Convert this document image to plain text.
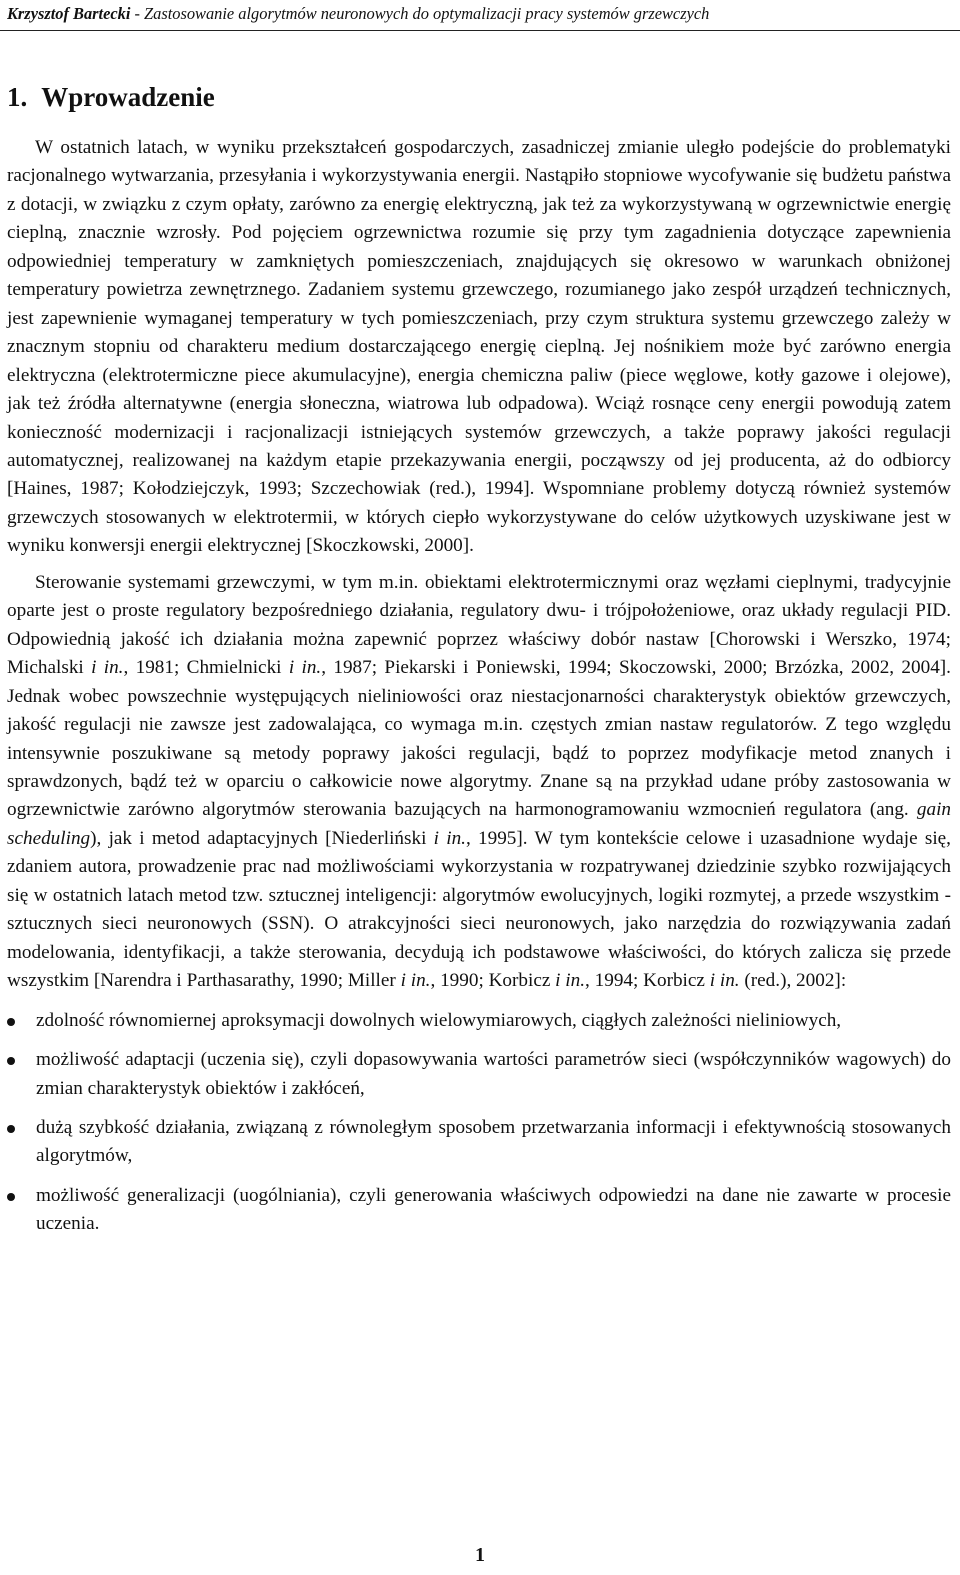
Krzysztof Bartecki - Zastosowanie algorytmów neuronowych do optymalizacji pracy systemów grzewczych
1. Wprowadzenie

W ostatnich latach, w wyniku przekształceń gospodarczych, zasadniczej zmianie uległo podejście do problematyki racjonalnego wytwarzania, przesyłania i wykorzystywania energii. Nastąpiło stopniowe wycofywanie się budżetu państwa z dotacji, w związku z czym opłaty, zarówno za energię elektryczną, jak też za wykorzystywaną w ogrzewnictwie energię cieplną, znacznie wzrosły. Pod pojęciem ogrzewnictwa rozumie się przy tym zagadnienia dotyczące zapewnienia odpowiedniej temperatury w zamkniętych pomieszczeniach, znajdujących się okresowo w warunkach obniżonej temperatury powietrza zewnętrznego. Zadaniem systemu grzewczego, rozumianego jako zespół urządzeń technicznych, jest zapewnienie wymaganej temperatury w tych pomieszczeniach, przy czym struktura systemu grzewczego zależy w znacznym stopniu od charakteru medium dostarczającego energię cieplną. Jej nośnikiem może być zarówno energia elektryczna (elektrotermiczne piece akumulacyjne), energia chemiczna paliw (piece węglowe, kotły gazowe i olejowe), jak też źródła alternatywne (energia słoneczna, wiatrowa lub odpadowa). Wciąż rosnące ceny energii powodują zatem konieczność modernizacji i racjonalizacji istniejących systemów grzewczych, a także poprawy jakości regulacji automatycznej, realizowanej na każdym etapie przekazywania energii, począwszy od jej producenta, aż do odbiorcy [Haines, 1987; Kołodziejczyk, 1993; Szczechowiak (red.), 1994]. Wspomniane problemy dotyczą również systemów grzewczych stosowanych w elektrotermii, w których ciepło wykorzystywane do celów użytkowych uzyskiwane jest w wyniku konwersji energii elektrycznej [Skoczkowski, 2000].

Sterowanie systemami grzewczymi, w tym m.in. obiektami elektrotermicznymi oraz węzłami cieplnymi, tradycyjnie oparte jest o proste regulatory bezpośredniego działania, regulatory dwu- i trójpołożeniowe, oraz układy regulacji PID. Odpowiednią jakość ich działania można zapewnić poprzez właściwy dobór nastaw [Chorowski i Werszko, 1974; Michalski i in., 1981; Chmielnicki i in., 1987; Piekarski i Poniewski, 1994; Skoczowski, 2000; Brzózka, 2002, 2004]. Jednak wobec powszechnie występujących nieliniowości oraz niestacjonarności charakterystyk obiektów grzewczych, jakość regulacji nie zawsze jest zadowalająca, co wymaga m.in. częstych zmian nastaw regulatorów. Z tego względu intensywnie poszukiwane są metody poprawy jakości regulacji, bądź to poprzez modyfikacje metod znanych i sprawdzonych, bądź też w oparciu o całkowicie nowe algorytmy. Znane są na przykład udane próby zastosowania w ogrzewnictwie zarówno algorytmów sterowania bazujących na harmonogramowaniu wzmocnień regulatora (ang. gain scheduling), jak i metod adaptacyjnych [Niederliński i in., 1995]. W tym kontekście celowe i uzasadnione wydaje się, zdaniem autora, prowadzenie prac nad możliwościami wykorzystania w rozpatrywanej dziedzinie szybko rozwijających się w ostatnich latach metod tzw. sztucznej inteligencji: algorytmów ewolucyjnych, logiki rozmytej, a przede wszystkim - sztucznych sieci neuronowych (SSN). O atrakcyjności sieci neuronowych, jako narzędzia do rozwiązywania zadań modelowania, identyfikacji, a także sterowania, decydują ich podstawowe właściwości, do których zalicza się przede wszystkim [Narendra i Parthasarathy, 1990; Miller i in., 1990; Korbicz i in., 1994; Korbicz i in. (red.), 2002]:

zdolność równomiernej aproksymacji dowolnych wielowymiarowych, ciągłych zależności nieliniowych,
możliwość adaptacji (uczenia się), czyli dopasowywania wartości parametrów sieci (współczynników wagowych) do zmian charakterystyk obiektów i zakłóceń,
dużą szybkość działania, związaną z równoległym sposobem przetwarzania informacji i efektywnością stosowanych algorytmów,
możliwość generalizacji (uogólniania), czyli generowania właściwych odpowiedzi na dane nie zawarte w procesie uczenia.
1
